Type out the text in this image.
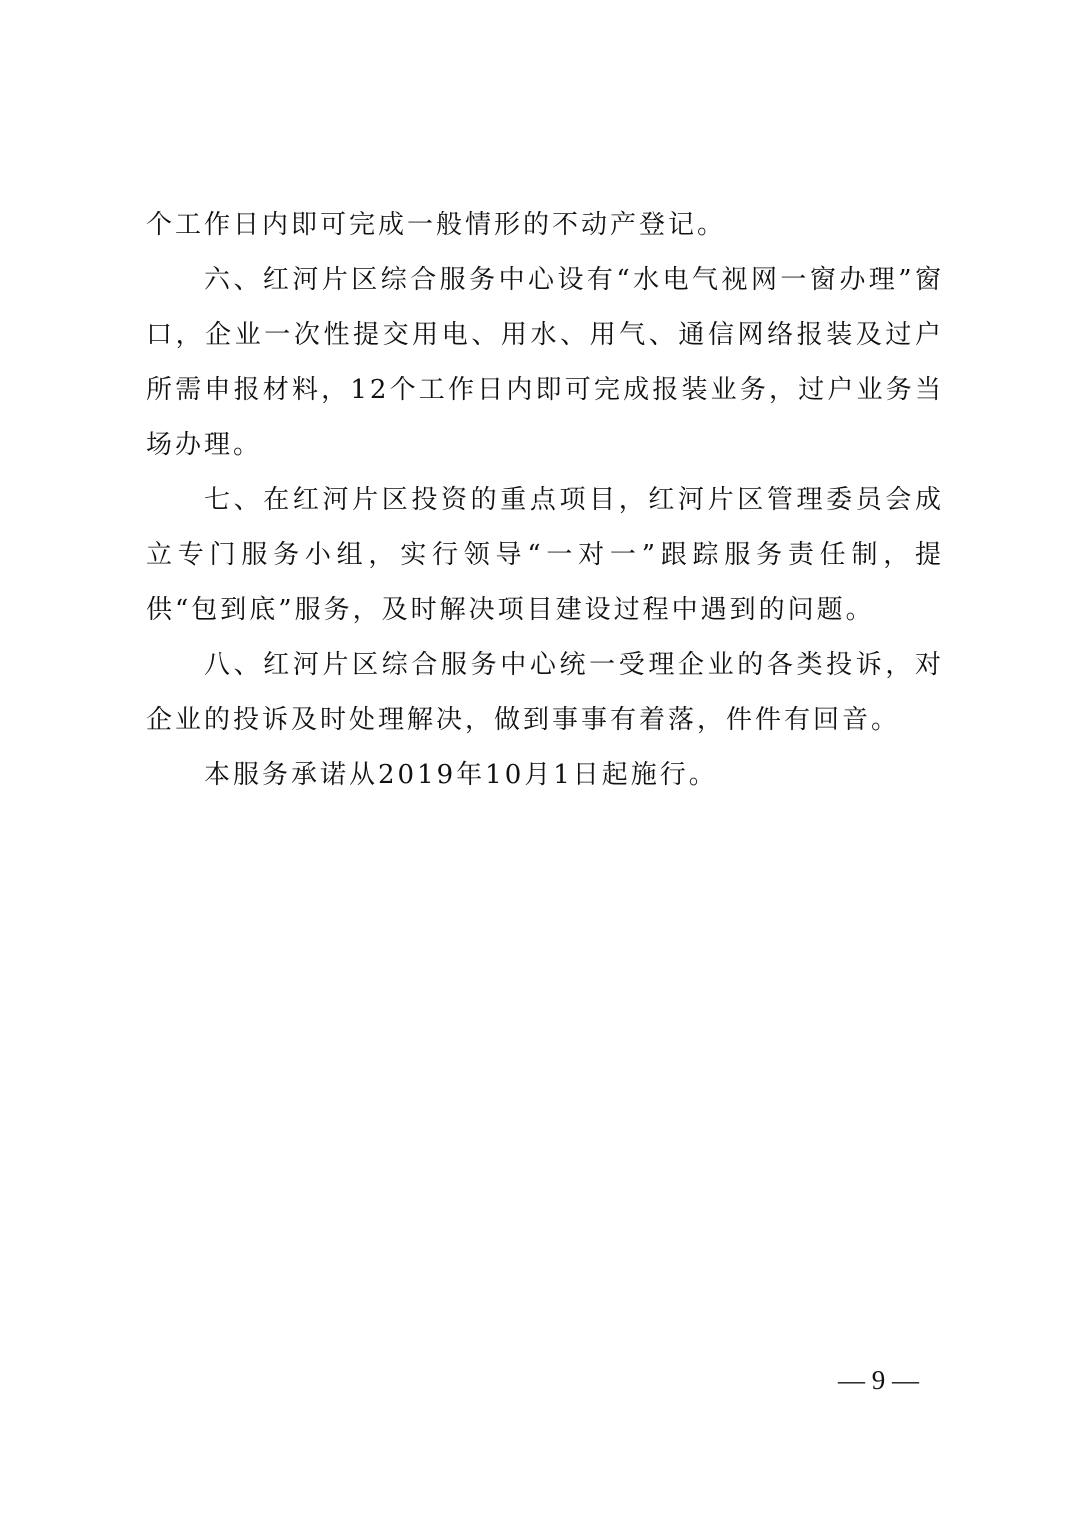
个工作日内即可完成一般情形的不动产登记。

六、红河片区综合服务中心设有“水电气视网一窗办理”窗口，企业一次性提交用电、用水、用气、通信网络报装及过户所需申报材料，12个工作日内即可完成报装业务，过户业务当场办理。

七、在红河片区投资的重点项目，红河片区管理委员会成立专门服务小组，实行领导“一对一”跟踪服务责任制，提供“包到底”服务，及时解决项目建设过程中遇到的问题。

八、红河片区综合服务中心统一受理企业的各类投诉，对企业的投诉及时处理解决，做到事事有着落，件件有回音。

本服务承诺从2019年10月1日起施行。

— 9 —
